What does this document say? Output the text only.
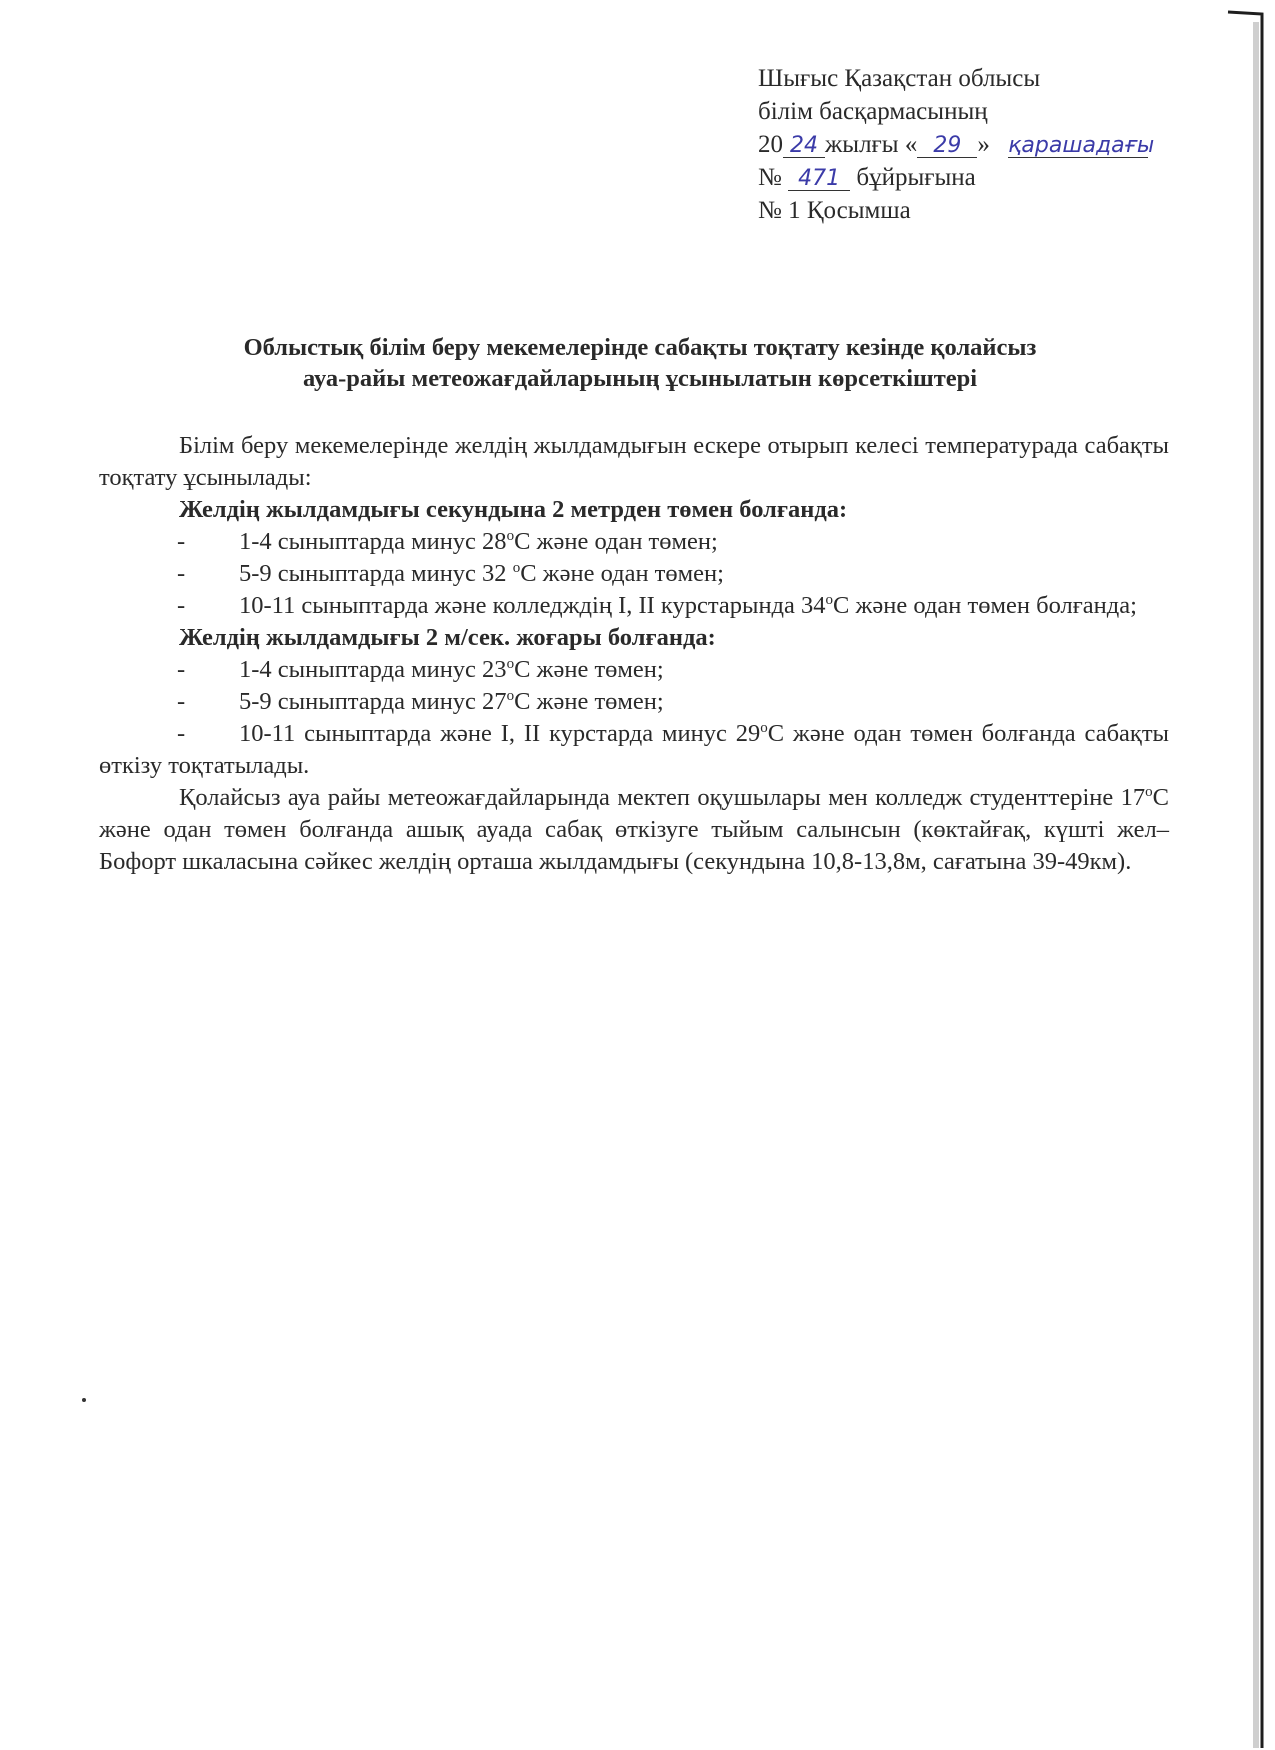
Шығыс Қазақстан облысы
білім басқармасының
20 24 жылғы « 29 » қарашадағы
№ 471 бұйрығына
№ 1 Қосымша
Облыстық білім беру мекемелерінде сабақты тоқтату кезінде қолайсыз
ауа-райы метеожағдайларының ұсынылатын көрсеткіштері

Білім беру мекемелерінде желдің жылдамдығын ескере отырып келесі температурада сабақты тоқтату ұсынылады:

Желдің жылдамдығы секундына 2 метрден төмен болғанда:

- 1-4 сыныптарда минус $28^оС$ және одан төмен;

- 5-9 сыныптарда минус 32 $^о$С және одан төмен;

- 10-11 сыныптарда және колледждің І, ІІ курстарында $34^оС$ және одан төмен болғанда;

Желдің жылдамдығы 2 м/сек. жоғары болғанда:

- 1-4 сыныптарда минус $23^оС$ және төмен;

- 5-9 сыныптарда минус $27^оС$ және төмен;

- 10-11 сыныптарда және І, ІІ курстарда минус $29^оС$ және одан төмен болғанда сабақты өткізу тоқтатылады.

Қолайсыз ауа райы метеожағдайларында мектеп оқушылары мен колледж студенттеріне $17^оС$ және одан төмен болғанда ашық ауада сабақ өткізуге тыйым салынсын (көктайғақ, күшті жел– Бофорт шкаласына сәйкес желдің орташа жылдамдығы (секундына 10,8-13,8м, сағатына 39-49км).
